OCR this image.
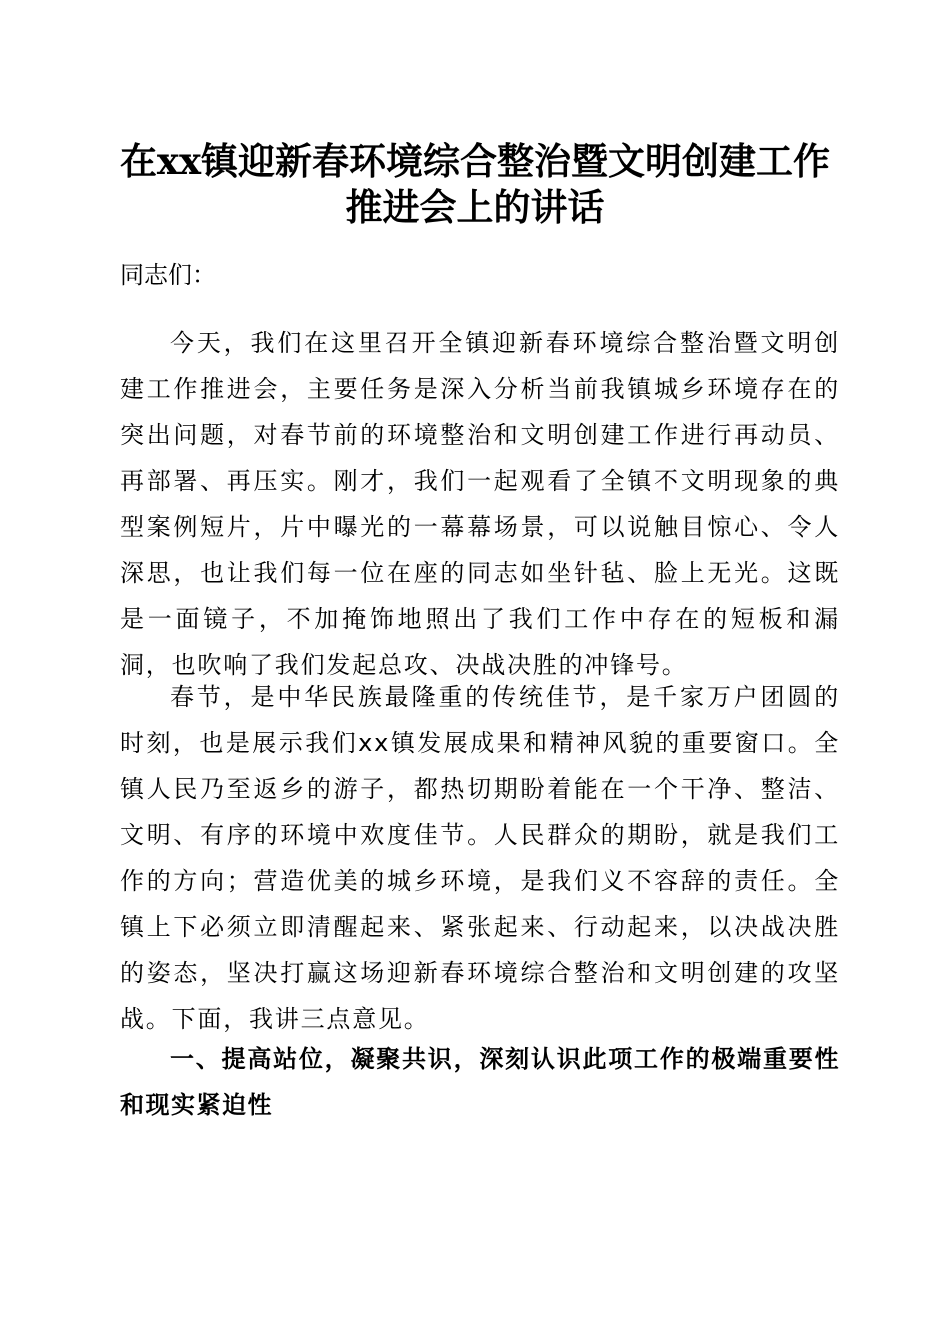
在xx镇迎新春环境综合整治暨文明创建工作
推进会上的讲话
同志们：

今天，我们在这里召开全镇迎新春环境综合整治暨文明创建工作推进会，主要任务是深入分析当前我镇城乡环境存在的突出问题，对春节前的环境整治和文明创建工作进行再动员、再部署、再压实。刚才，我们一起观看了全镇不文明现象的典型案例短片，片中曝光的一幕幕场景，可以说触目惊心、令人深思，也让我们每一位在座的同志如坐针毡、脸上无光。这既是一面镜子，不加掩饰地照出了我们工作中存在的短板和漏洞，也吹响了我们发起总攻、决战决胜的冲锋号。

春节，是中华民族最隆重的传统佳节，是千家万户团圆的时刻，也是展示我们xx镇发展成果和精神风貌的重要窗口。全镇人民乃至返乡的游子，都热切期盼着能在一个干净、整洁、文明、有序的环境中欢度佳节。人民群众的期盼，就是我们工作的方向；营造优美的城乡环境，是我们义不容辞的责任。全镇上下必须立即清醒起来、紧张起来、行动起来，以决战决胜的姿态，坚决打赢这场迎新春环境综合整治和文明创建的攻坚战。下面，我讲三点意见。

一、提高站位，凝聚共识，深刻认识此项工作的极端重要性和现实紧迫性
